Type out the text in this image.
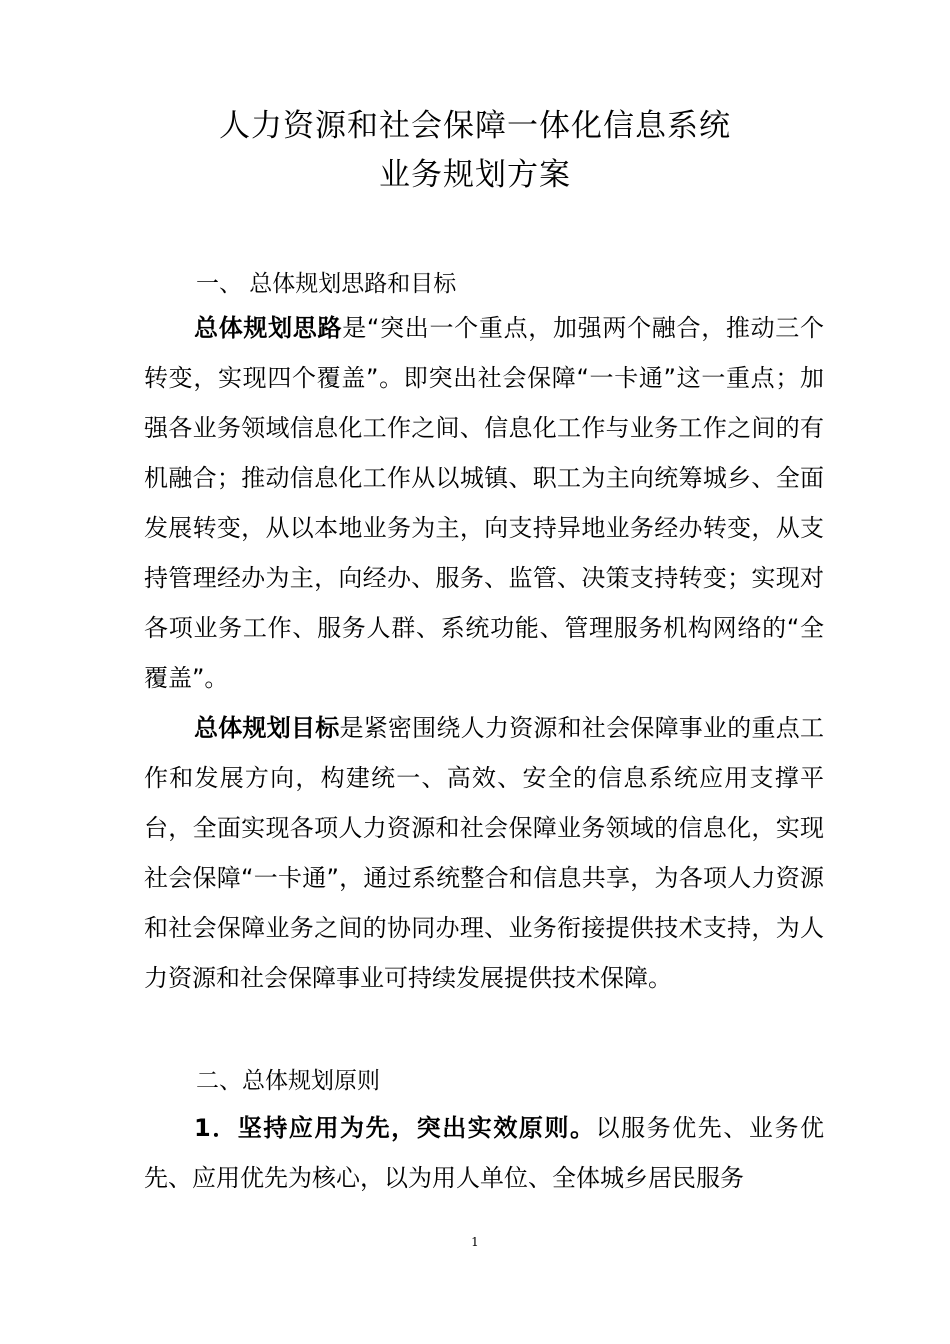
人力资源和社会保障一体化信息系统
业务规划方案
一、 总体规划思路和目标

总体规划思路是“突出一个重点，加强两个融合，推动三个转变，实现四个覆盖”。即突出社会保障“一卡通”这一重点；加强各业务领域信息化工作之间、信息化工作与业务工作之间的有机融合；推动信息化工作从以城镇、职工为主向统筹城乡、全面发展转变，从以本地业务为主，向支持异地业务经办转变，从支持管理经办为主，向经办、服务、监管、决策支持转变；实现对各项业务工作、服务人群、系统功能、管理服务机构网络的“全覆盖”。

总体规划目标是紧密围绕人力资源和社会保障事业的重点工作和发展方向，构建统一、高效、安全的信息系统应用支撑平台，全面实现各项人力资源和社会保障业务领域的信息化，实现社会保障“一卡通”，通过系统整合和信息共享，为各项人力资源和社会保障业务之间的协同办理、业务衔接提供技术支持，为人力资源和社会保障事业可持续发展提供技术保障。

二、总体规划原则

1．坚持应用为先，突出实效原则。以服务优先、业务优先、应用优先为核心，以为用人单位、全体城乡居民服务

1
